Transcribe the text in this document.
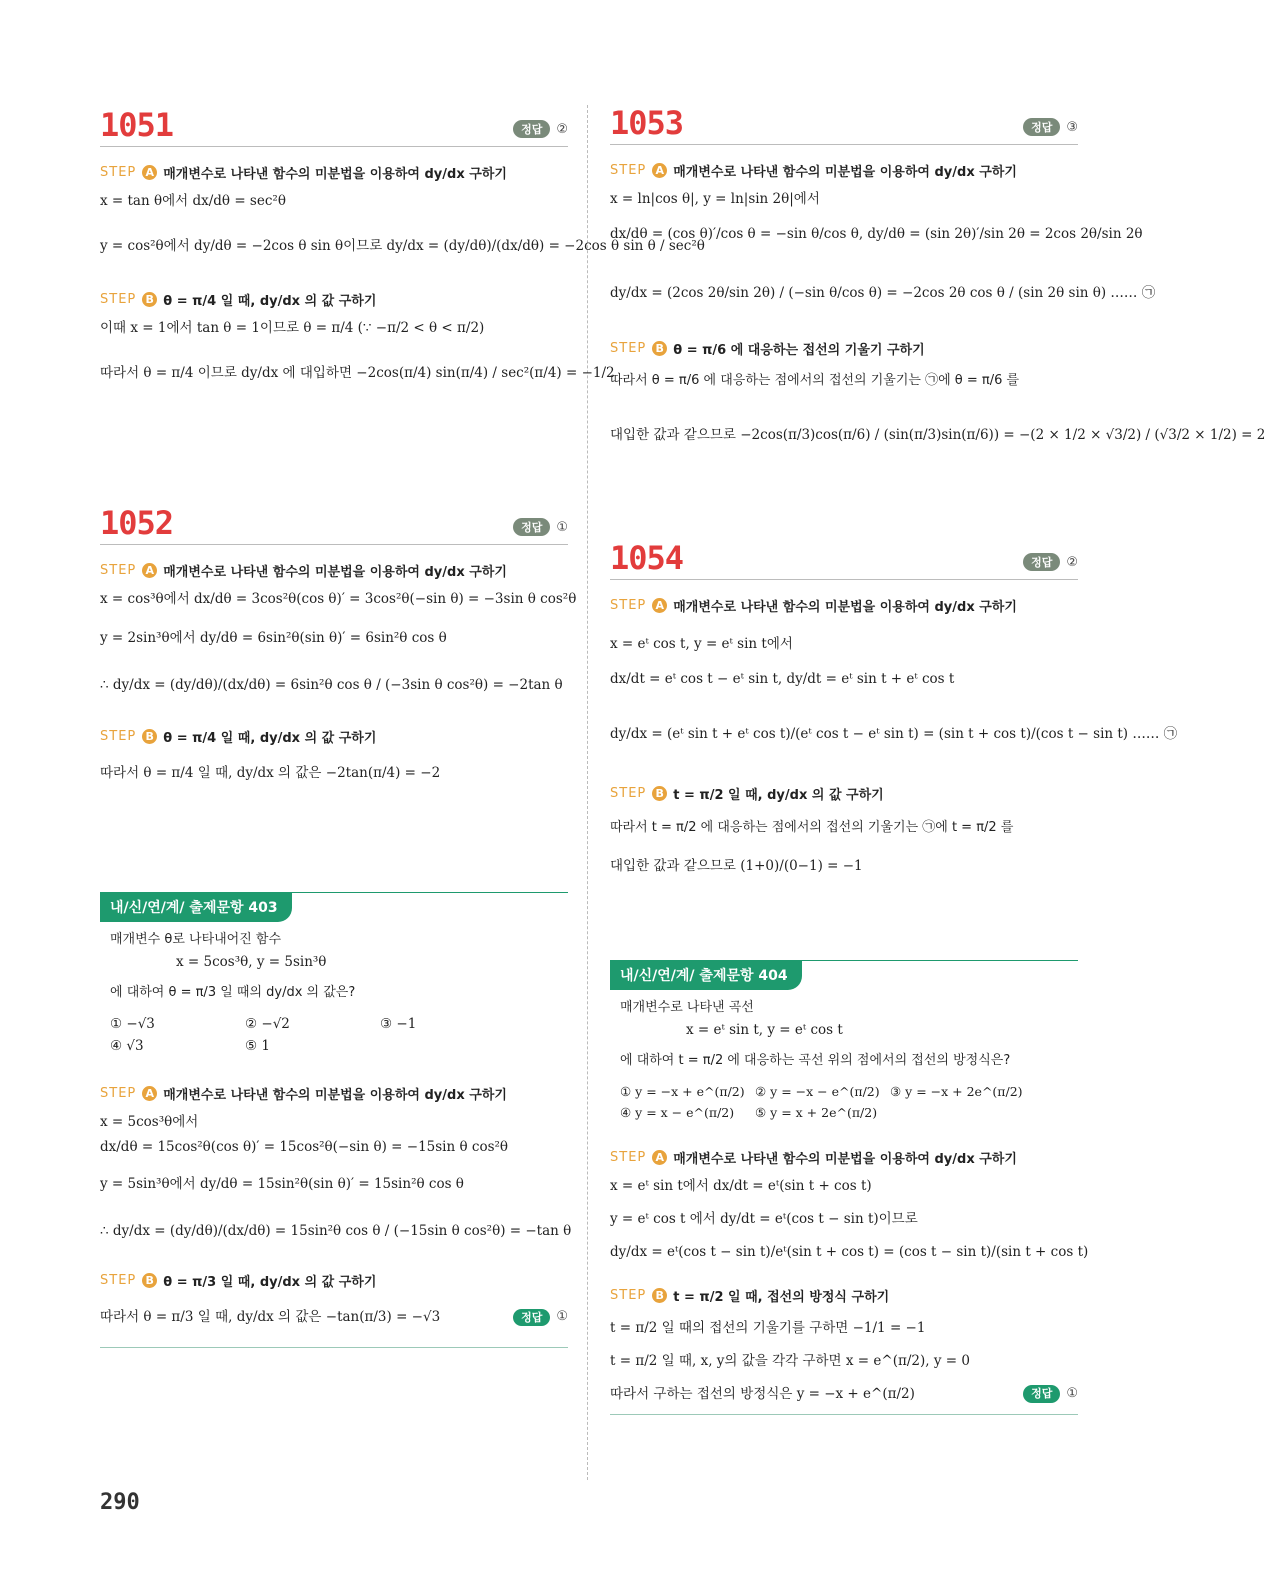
1051	정답	②
STEP A 매개변수로 나타낸 함수의 미분법을 이용하여 dy/dx 구하기
x = tan θ에서 dx/dθ = sec²θ
y = cos²θ에서 dy/dθ = −2cos θ sin θ이므로 dy/dx = (dy/dθ)/(dx/dθ) = −2cos θ sin θ / sec²θ
STEP B θ = π/4 일 때, dy/dx 의 값 구하기
이때 x = 1에서 tan θ = 1이므로 θ = π/4 (∵ −π/2 < θ < π/2)
따라서 θ = π/4 이므로 dy/dx 에 대입하면 −2cos(π/4) sin(π/4) / sec²(π/4) = −1/2
1052	정답	①
STEP A 매개변수로 나타낸 함수의 미분법을 이용하여 dy/dx 구하기
x = cos³θ에서 dx/dθ = 3cos²θ(cos θ)′ = 3cos²θ(−sin θ) = −3sin θ cos²θ
y = 2sin³θ에서 dy/dθ = 6sin²θ(sin θ)′ = 6sin²θ cos θ
∴ dy/dx = (dy/dθ)/(dx/dθ) = 6sin²θ cos θ / (−3sin θ cos²θ) = −2tan θ
STEP B θ = π/4 일 때, dy/dx 의 값 구하기
따라서 θ = π/4 일 때, dy/dx 의 값은 −2tan(π/4) = −2
내/신/연/계/ 출제문항 403
매개변수 θ로 나타내어진 함수
x = 5cos³θ, y = 5sin³θ
에 대하여 θ = π/3 일 때의 dy/dx 의 값은?
① −√3	② −√2	③ −1
④ √3	⑤ 1
STEP A 매개변수로 나타낸 함수의 미분법을 이용하여 dy/dx 구하기
x = 5cos³θ에서
dx/dθ = 15cos²θ(cos θ)′ = 15cos²θ(−sin θ) = −15sin θ cos²θ
y = 5sin³θ에서 dy/dθ = 15sin²θ(sin θ)′ = 15sin²θ cos θ
∴ dy/dx = (dy/dθ)/(dx/dθ) = 15sin²θ cos θ / (−15sin θ cos²θ) = −tan θ
STEP B θ = π/3 일 때, dy/dx 의 값 구하기
따라서 θ = π/3 일 때, dy/dx 의 값은 −tan(π/3) = −√3	정답	①
1053	정답	③
STEP A 매개변수로 나타낸 함수의 미분법을 이용하여 dy/dx 구하기
x = ln|cos θ|, y = ln|sin 2θ|에서
dx/dθ = (cos θ)′/cos θ = −sin θ/cos θ, dy/dθ = (sin 2θ)′/sin 2θ = 2cos 2θ/sin 2θ
dy/dx = (2cos 2θ/sin 2θ) / (−sin θ/cos θ) = −2cos 2θ cos θ / (sin 2θ sin θ) …… ㉠
STEP B θ = π/6 에 대응하는 접선의 기울기 구하기
따라서 θ = π/6 에 대응하는 점에서의 접선의 기울기는 ㉠에 θ = π/6 를
대입한 값과 같으므로 −2cos(π/3)cos(π/6) / (sin(π/3)sin(π/6)) = −(2 × 1/2 × √3/2) / (√3/2 × 1/2) = 2
1054	정답	②
STEP A 매개변수로 나타낸 함수의 미분법을 이용하여 dy/dx 구하기
x = eᵗ cos t, y = eᵗ sin t에서
dx/dt = eᵗ cos t − eᵗ sin t, dy/dt = eᵗ sin t + eᵗ cos t
dy/dx = (eᵗ sin t + eᵗ cos t)/(eᵗ cos t − eᵗ sin t) = (sin t + cos t)/(cos t − sin t) …… ㉠
STEP B t = π/2 일 때, dy/dx 의 값 구하기
따라서 t = π/2 에 대응하는 점에서의 접선의 기울기는 ㉠에 t = π/2 를
대입한 값과 같으므로 (1+0)/(0−1) = −1
내/신/연/계/ 출제문항 404
매개변수로 나타낸 곡선
x = eᵗ sin t, y = eᵗ cos t
에 대하여 t = π/2 에 대응하는 곡선 위의 점에서의 접선의 방정식은?
① y = −x + e^(π/2) ② y = −x − e^(π/2) ③ y = −x + 2e^(π/2)
④ y = x − e^(π/2)	⑤ y = x + 2e^(π/2)
STEP A 매개변수로 나타낸 함수의 미분법을 이용하여 dy/dx 구하기
x = eᵗ sin t에서 dx/dt = eᵗ(sin t + cos t)
y = eᵗ cos t 에서 dy/dt = eᵗ(cos t − sin t)이므로
dy/dx = eᵗ(cos t − sin t)/eᵗ(sin t + cos t) = (cos t − sin t)/(sin t + cos t)
STEP B t = π/2 일 때, 접선의 방정식 구하기
t = π/2 일 때의 접선의 기울기를 구하면 −1/1 = −1
t = π/2 일 때, x, y의 값을 각각 구하면 x = e^(π/2), y = 0
따라서 구하는 접선의 방정식은 y = −x + e^(π/2)	정답	①
290
